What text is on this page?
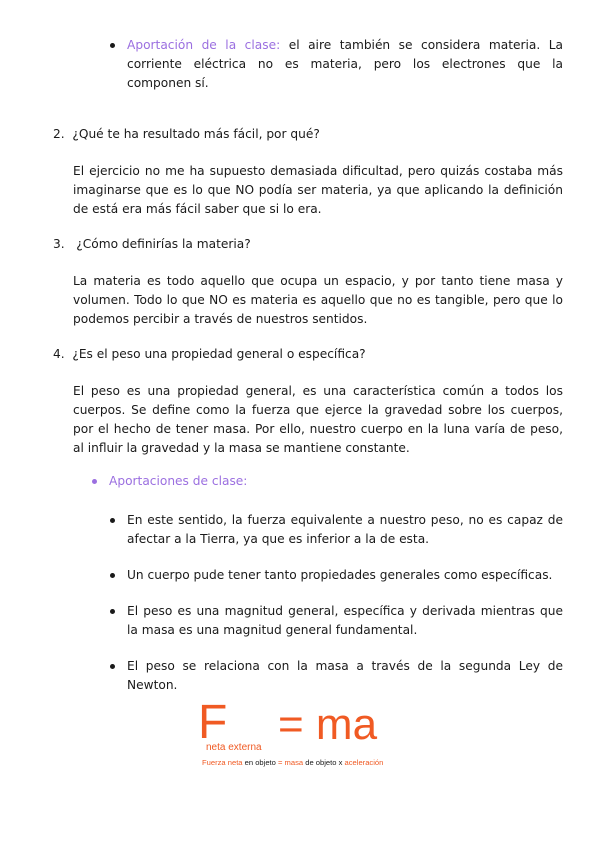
Aportación de la clase: el aire también se considera materia. La
corriente eléctrica no es materia, pero los electrones que la
componen sí.
2. ¿Qué te ha resultado más fácil, por qué?
El ejercicio no me ha supuesto demasiada dificultad, pero quizás costaba más
imaginarse que es lo que NO podía ser materia, ya que aplicando la definición
de está era más fácil saber que si lo era.
3.   ¿Cómo definirías la materia?
La materia es todo aquello que ocupa un espacio, y por tanto tiene masa y
volumen. Todo lo que NO es materia es aquello que no es tangible, pero que lo
podemos percibir a través de nuestros sentidos.
4. ¿Es el peso una propiedad general o específica?
El peso es una propiedad general, es una característica común a todos los
cuerpos. Se define como la fuerza que ejerce la gravedad sobre los cuerpos,
por el hecho de tener masa. Por ello, nuestro cuerpo en la luna varía de peso,
al influir la gravedad y la masa se mantiene constante.
Aportaciones de clase:
En este sentido, la fuerza equivalente a nuestro peso, no es capaz de
afectar a la Tierra, ya que es inferior a la de esta.
Un cuerpo pude tener tanto propiedades generales como específicas.
El peso es una magnitud general, específica y derivada mientras que
la masa es una magnitud general fundamental.
El peso se relaciona con la masa a través de la segunda Ley de
Newton.
F
neta externa = ma
Fuerza neta en objeto = masa de objeto x aceleración
